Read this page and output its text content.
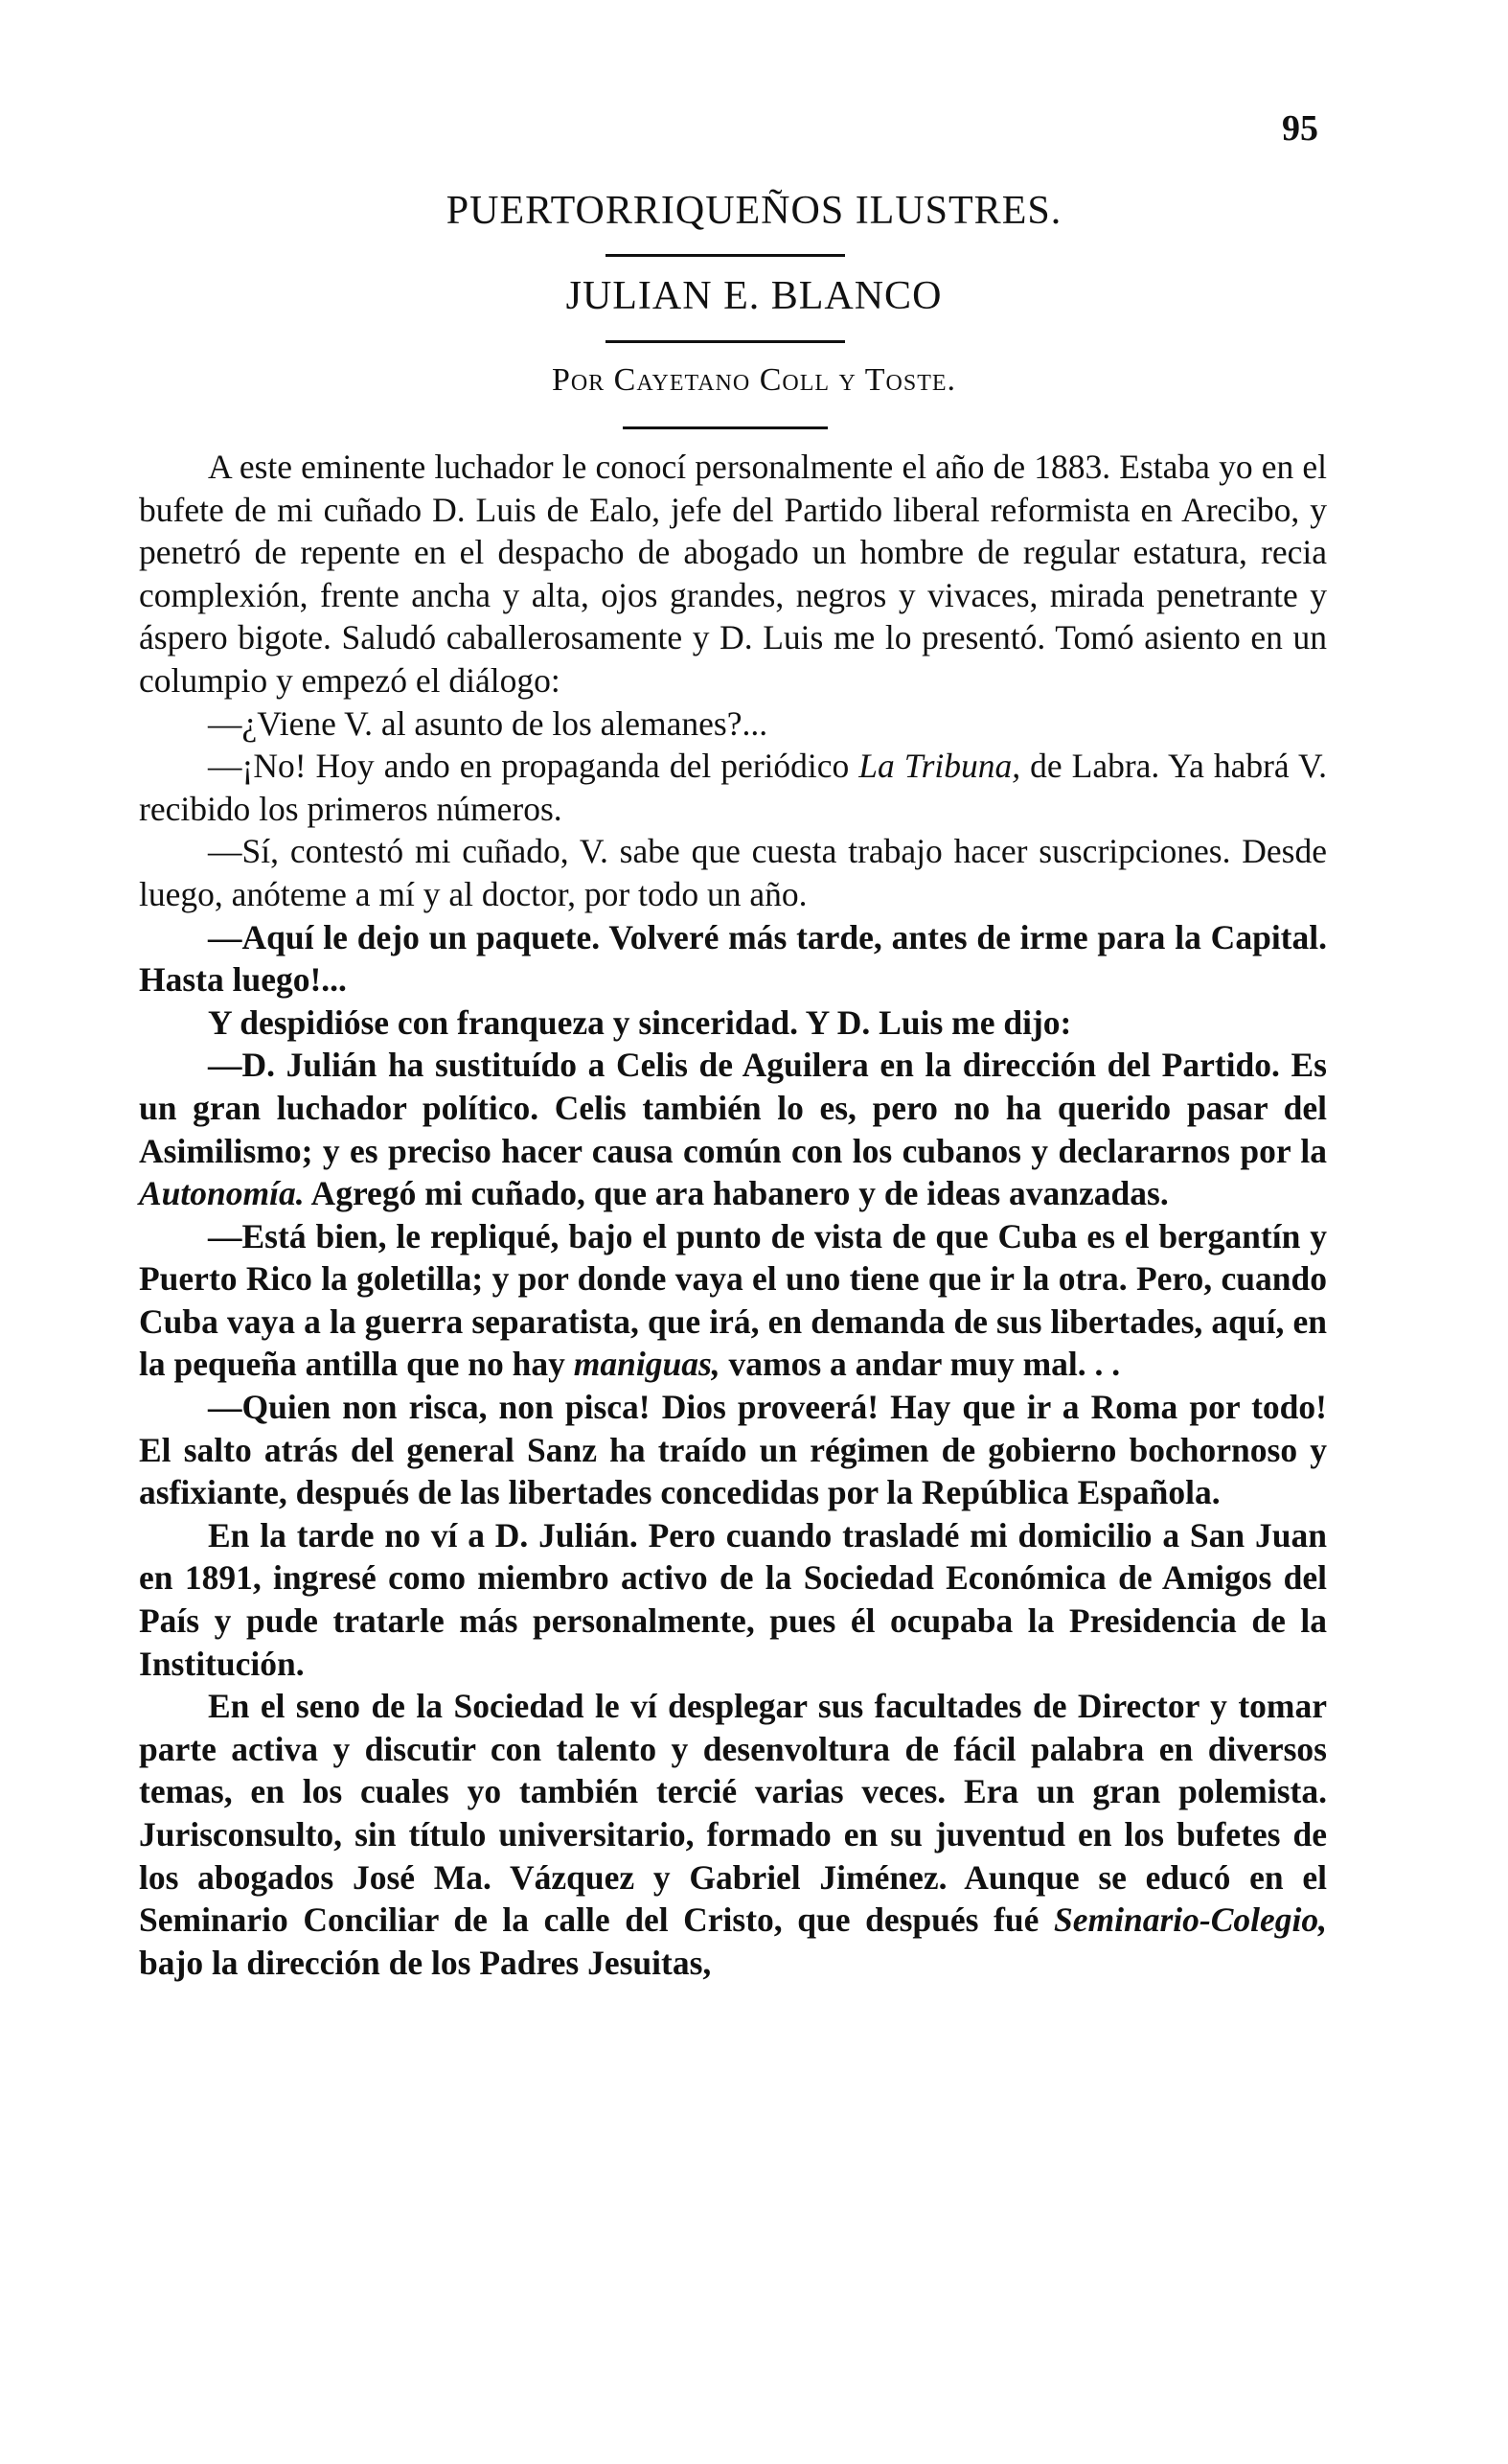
95
PUERTORRIQUEÑOS ILUSTRES.
JULIAN E. BLANCO
Por Cayetano Coll y Toste.

A este eminente luchador le conocí personalmente el año de 1883. Estaba yo en el bufete de mi cuñado D. Luis de Ealo, jefe del Partido liberal reformista en Arecibo, y penetró de repente en el despacho de abogado un hombre de regular estatura, recia complexión, frente ancha y alta, ojos grandes, negros y vivaces, mirada penetrante y áspero bigote. Saludó caballerosamente y D. Luis me lo presentó. Tomó asiento en un columpio y empezó el diálogo:

—¿Viene V. al asunto de los alemanes?...

—¡No! Hoy ando en propaganda del periódico La Tribuna, de Labra. Ya habrá V. recibido los primeros números.

—Sí, contestó mi cuñado, V. sabe que cuesta trabajo hacer suscripciones. Desde luego, anóteme a mí y al doctor, por todo un año.

—Aquí le dejo un paquete. Volveré más tarde, antes de irme para la Capital. Hasta luego!...

Y despidióse con franqueza y sinceridad. Y D. Luis me dijo:

—D. Julián ha sustituído a Celis de Aguilera en la dirección del Partido. Es un gran luchador político. Celis también lo es, pero no ha querido pasar del Asimilismo; y es preciso hacer causa común con los cubanos y declararnos por la Autonomía. Agregó mi cuñado, que ara habanero y de ideas avanzadas.

—Está bien, le repliqué, bajo el punto de vista de que Cuba es el bergantín y Puerto Rico la goletilla; y por donde vaya el uno tiene que ir la otra. Pero, cuando Cuba vaya a la guerra separatista, que irá, en demanda de sus libertades, aquí, en la pequeña antilla que no hay maniguas, vamos a andar muy mal. . .

—Quien non risca, non pisca! Dios proveerá! Hay que ir a Roma por todo! El salto atrás del general Sanz ha traído un régimen de gobierno bochornoso y asfixiante, después de las libertades concedidas por la República Española.

En la tarde no ví a D. Julián. Pero cuando trasladé mi domicilio a San Juan en 1891, ingresé como miembro activo de la Sociedad Económica de Amigos del País y pude tratarle más personalmente, pues él ocupaba la Presidencia de la Institución.

En el seno de la Sociedad le ví desplegar sus facultades de Director y tomar parte activa y discutir con talento y desenvoltura de fácil palabra en diversos temas, en los cuales yo también tercié varias veces. Era un gran polemista. Jurisconsulto, sin título universitario, formado en su juventud en los bufetes de los abogados José Ma. Vázquez y Gabriel Jiménez. Aunque se educó en el Seminario Conciliar de la calle del Cristo, que después fué Seminario-Colegio, bajo la dirección de los Padres Jesuitas,
